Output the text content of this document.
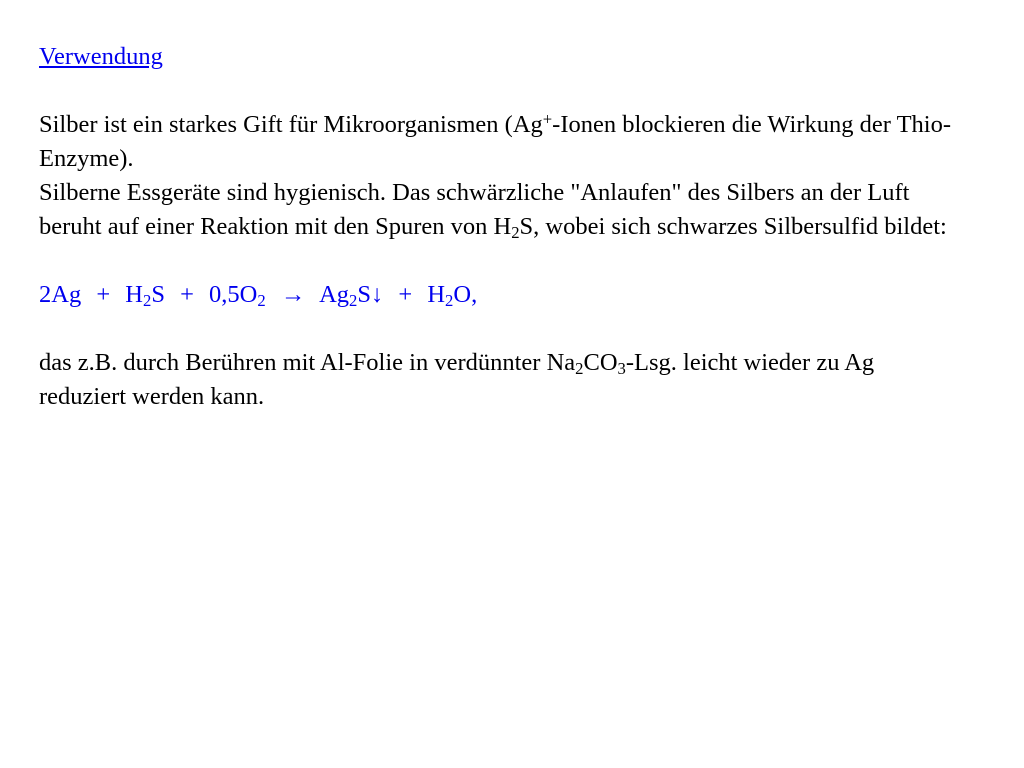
Verwendung

Silber ist ein starkes Gift für Mikroorganismen (Ag+-Ionen blockieren die Wirkung der Thio-Enzyme).

Silberne Essgeräte sind hygienisch. Das schwärzliche "Anlaufen" des Silbers an der Luft beruht auf einer Reaktion mit den Spuren von $H_2S$, wobei sich schwarzes Silbersulfid bildet:

$2Ag + H_2S + 0,5O_2$ → $Ag_2S↓ + H_2O$,

das z.B. durch Berühren mit Al-Folie in verdünnter $Na_2CO_3$-Lsg. leicht wieder zu Ag reduziert werden kann.
